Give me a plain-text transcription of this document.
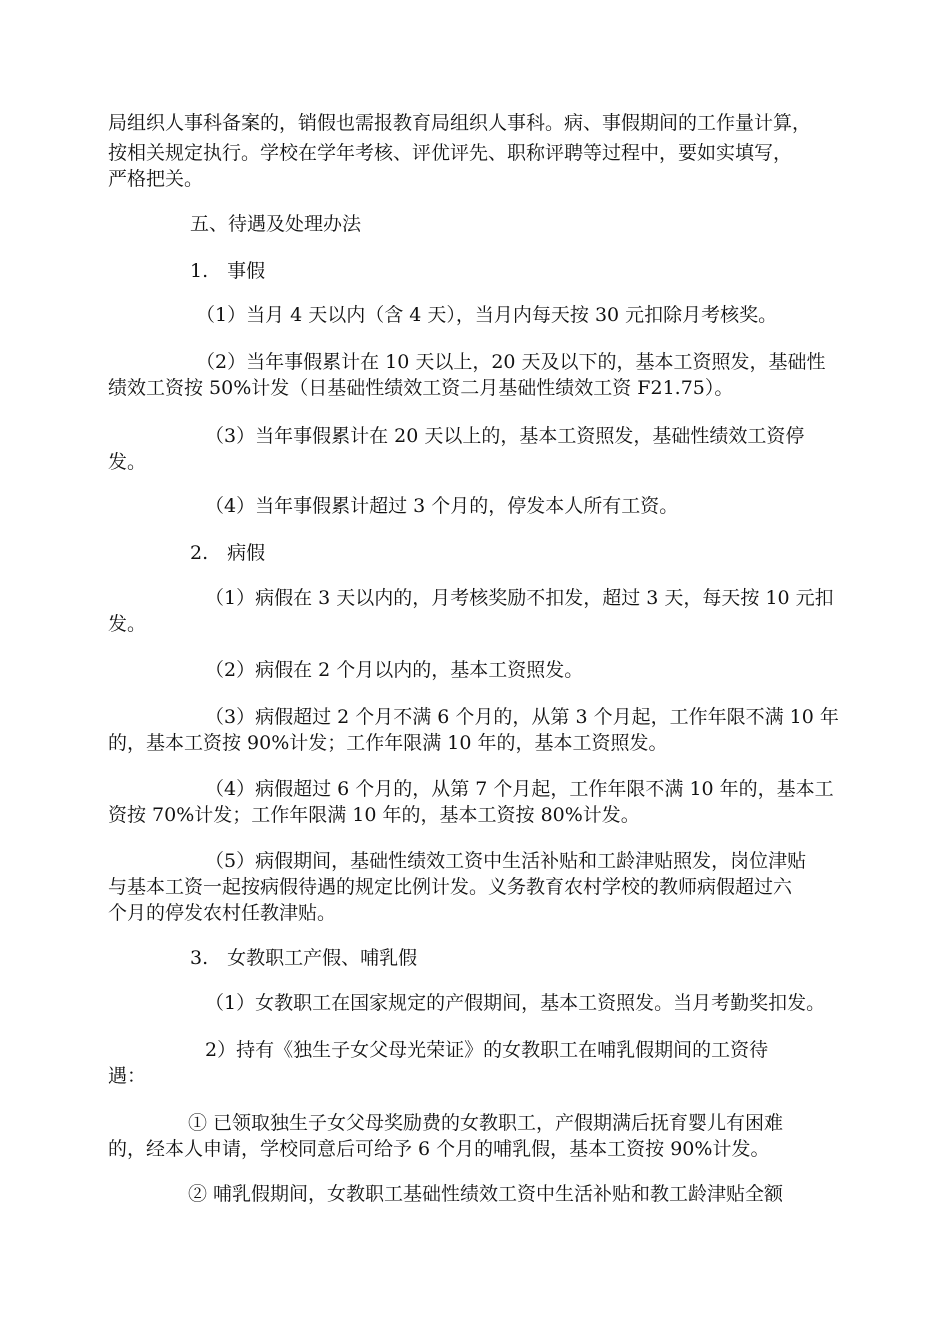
局组织人事科备案的，销假也需报教育局组织人事科。病、事假期间的工作量计算，
按相关规定执行。学校在学年考核、评优评先、职称评聘等过程中，要如实填写，
严格把关。
五、待遇及处理办法
1.　事假
（1）当月 4 天以内（含 4 天），当月内每天按 30 元扣除月考核奖。
（2）当年事假累计在 10 天以上，20 天及以下的，基本工资照发，基础性
绩效工资按 50%计发（日基础性绩效工资二月基础性绩效工资 F21.75）。
（3）当年事假累计在 20 天以上的，基本工资照发，基础性绩效工资停
发。
（4）当年事假累计超过 3 个月的，停发本人所有工资。
2.　病假
（1）病假在 3 天以内的，月考核奖励不扣发，超过 3 天，每天按 10 元扣
发。
（2）病假在 2 个月以内的，基本工资照发。
（3）病假超过 2 个月不满 6 个月的，从第 3 个月起，工作年限不满 10 年
的，基本工资按 90%计发；工作年限满 10 年的，基本工资照发。
（4）病假超过 6 个月的，从第 7 个月起，工作年限不满 10 年的，基本工
资按 70%计发；工作年限满 10 年的，基本工资按 80%计发。
（5）病假期间，基础性绩效工资中生活补贴和工龄津贴照发，岗位津贴
与基本工资一起按病假待遇的规定比例计发。义务教育农村学校的教师病假超过六
个月的停发农村任教津贴。
3.　女教职工产假、哺乳假
（1）女教职工在国家规定的产假期间，基本工资照发。当月考勤奖扣发。
2）持有《独生子女父母光荣证》的女教职工在哺乳假期间的工资待
遇：
① 已领取独生子女父母奖励费的女教职工，产假期满后抚育婴儿有困难
的，经本人申请，学校同意后可给予 6 个月的哺乳假，基本工资按 90%计发。
② 哺乳假期间，女教职工基础性绩效工资中生活补贴和教工龄津贴全额
